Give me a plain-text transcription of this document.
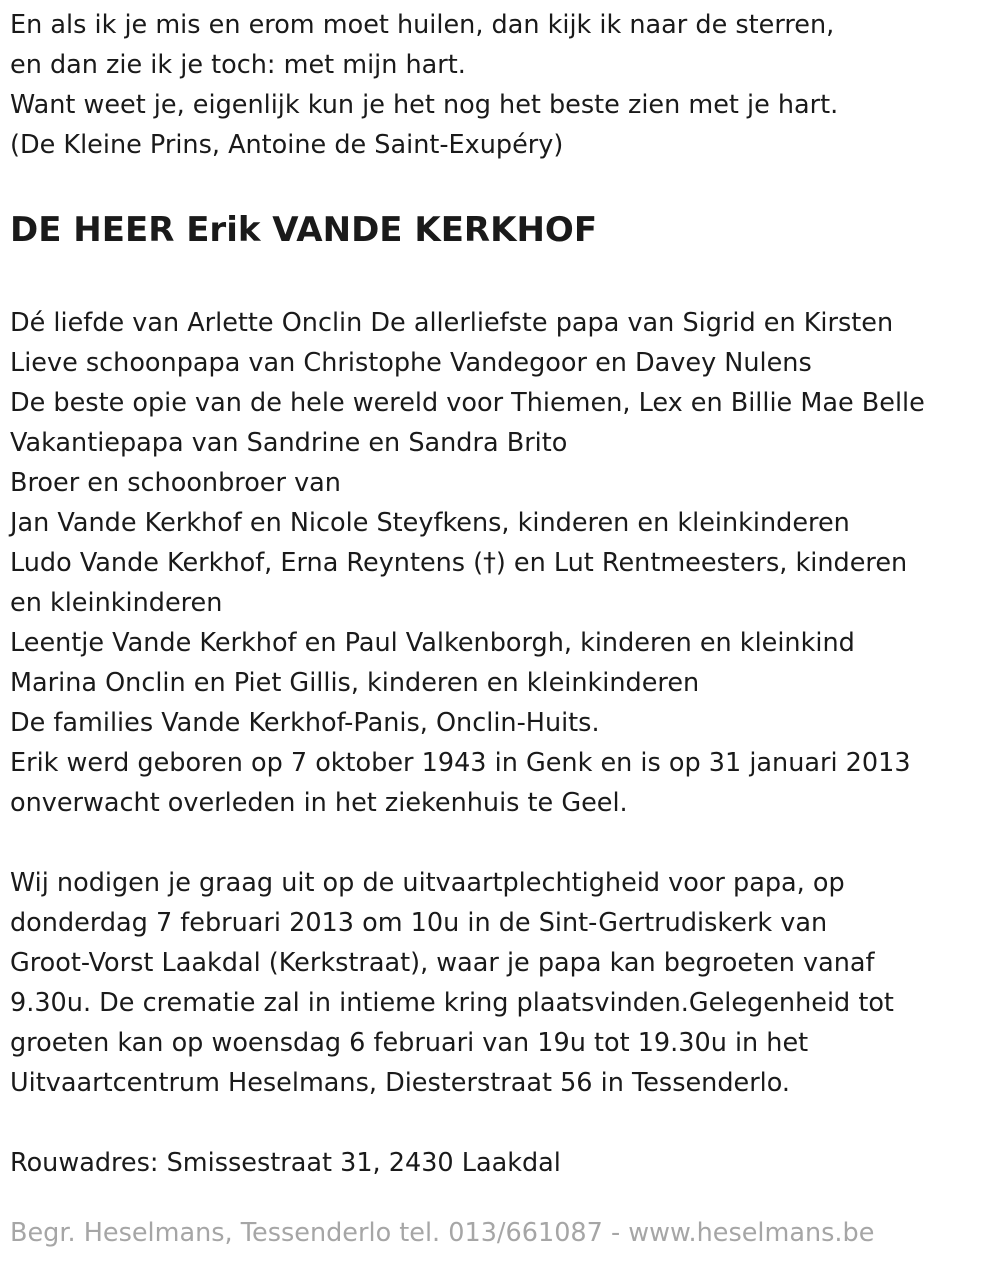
En als ik je mis en erom moet huilen, dan kijk ik naar de sterren,
en dan zie ik je toch: met mijn hart.
Want weet je, eigenlijk kun je het nog het beste zien met je hart.
(De Kleine Prins, Antoine de Saint-Exupéry)
DE HEER Erik VANDE KERKHOF
Dé liefde van Arlette Onclin De allerliefste papa van Sigrid en Kirsten
Lieve schoonpapa van Christophe Vandegoor en Davey Nulens
De beste opie van de hele wereld voor Thiemen, Lex en Billie Mae Belle
Vakantiepapa van Sandrine en Sandra Brito
Broer en schoonbroer van
Jan Vande Kerkhof en Nicole Steyfkens, kinderen en kleinkinderen
Ludo Vande Kerkhof, Erna Reyntens (†) en Lut Rentmeesters, kinderen
en kleinkinderen
Leentje Vande Kerkhof en Paul Valkenborgh, kinderen en kleinkind
Marina Onclin en Piet Gillis, kinderen en kleinkinderen
De families Vande Kerkhof-Panis, Onclin-Huits.
Erik werd geboren op 7 oktober 1943 in Genk en is op 31 januari 2013
onverwacht overleden in het ziekenhuis te Geel.
Wij nodigen je graag uit op de uitvaartplechtigheid voor papa, op
donderdag 7 februari 2013 om 10u in de Sint-Gertrudiskerk van
Groot-Vorst Laakdal (Kerkstraat), waar je papa kan begroeten vanaf
9.30u. De crematie zal in intieme kring plaatsvinden.Gelegenheid tot
groeten kan op woensdag 6 februari van 19u tot 19.30u in het
Uitvaartcentrum Heselmans, Diesterstraat 56 in Tessenderlo.
Rouwadres: Smissestraat 31, 2430 Laakdal
Begr. Heselmans, Tessenderlo tel. 013/661087 - www.heselmans.be
